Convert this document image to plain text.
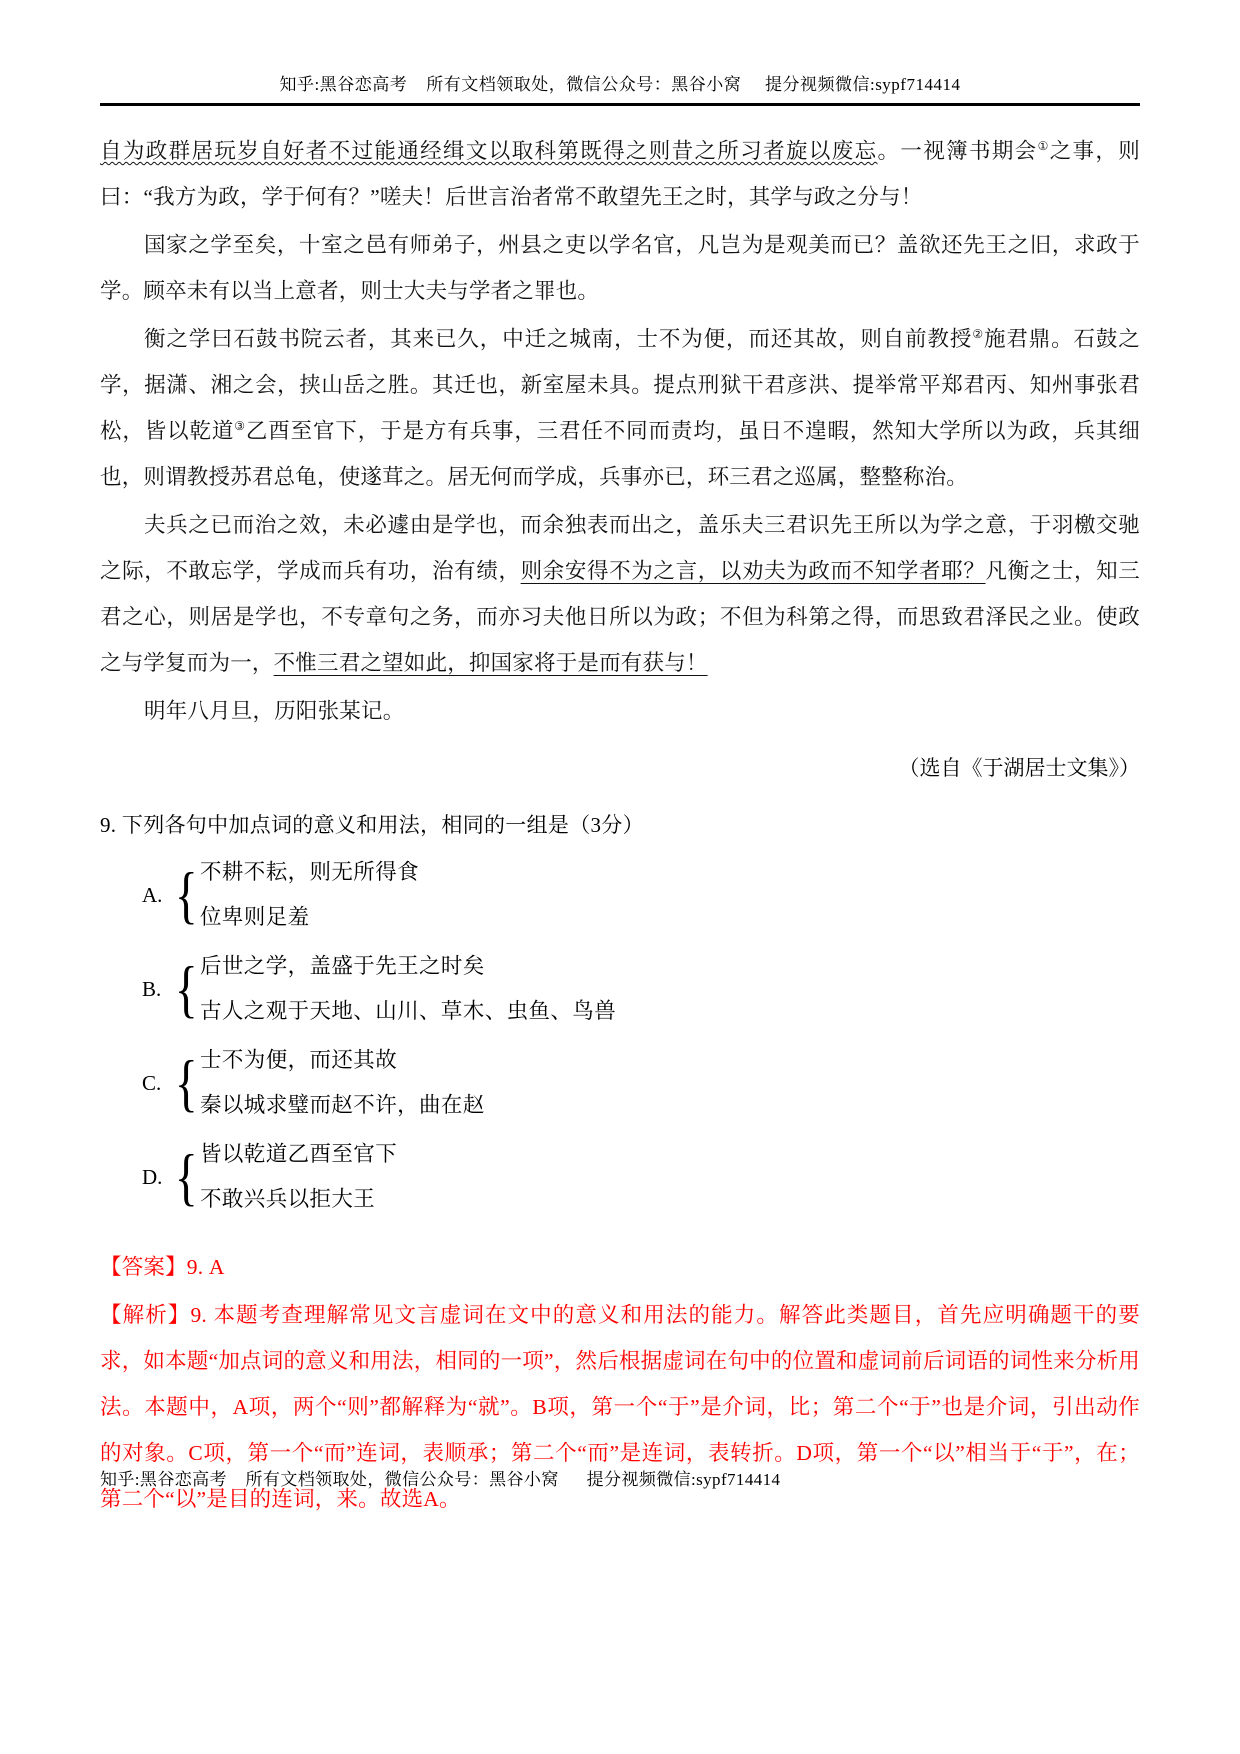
知乎:黑谷恋高考    所有文档领取处，微信公众号：黑谷小窝     提分视频微信:sypf714414

自为政群居玩岁自好者不过能通经缉文以取科第既得之则昔之所习者旋以废忘。一视簿书期会①之事，则曰：“我方为政，学于何有？”嗟夫！后世言治者常不敢望先王之时，其学与政之分与！

国家之学至矣，十室之邑有师弟子，州县之吏以学名官，凡岂为是观美而已？盖欲还先王之旧，求政于学。顾卒未有以当上意者，则士大夫与学者之罪也。

衡之学曰石鼓书院云者，其来已久，中迁之城南，士不为便，而还其故，则自前教授②施君鼎。石鼓之学，据潇、湘之会，挟山岳之胜。其迁也，新室屋未具。提点刑狱干君彦洪、提举常平郑君丙、知州事张君松，皆以乾道③乙酉至官下，于是方有兵事，三君任不同而责均，虽日不遑暇，然知大学所以为政，兵其细也，则谓教授苏君总龟，使遂茸之。居无何而学成，兵事亦已，环三君之巡属，整整称治。

夫兵之已而治之效，未必遽由是学也，而余独表而出之，盖乐夫三君识先王所以为学之意，于羽檄交驰之际，不敢忘学，学成而兵有功，治有绩，则余安得不为之言，以劝夫为政而不知学者耶？凡衡之士，知三君之心，则居是学也，不专章句之务，而亦习夫他日所以为政；不但为科第之得，而思致君泽民之业。使政之与学复而为一，不惟三君之望如此，抑国家将于是而有获与！

明年八月旦，历阳张某记。

（选自《于湖居士文集》）
9. 下列各句中加点词的意义和用法，相同的一组是（3分）
A. { 不耕不耘，则无所得食
位卑则足羞
B. { 后世之学，盖盛于先王之时矣
古人之观于天地、山川、草木、虫鱼、鸟兽
C. { 士不为便，而还其故
秦以城求璧而赵不许，曲在赵
D. { 皆以乾道乙酉至官下
不敢兴兵以拒大王
【答案】9. A
【解析】9. 本题考查理解常见文言虚词在文中的意义和用法的能力。解答此类题目，首先应明确题干的要求，如本题“加点词的意义和用法，相同的一项”，然后根据虚词在句中的位置和虚词前后词语的词性来分析用法。本题中，A项，两个“则”都解释为“就”。B项，第一个“于”是介词，比；第二个“于”也是介词，引出动作的对象。C项，第一个“而”连词，表顺承；第二个“而”是连词，表转折。D项，第一个“以”相当于“于”，在；第二个“以”是目的连词，来。故选A。
知乎:黑谷恋高考    所有文档领取处，微信公众号：黑谷小窝      提分视频微信:sypf714414
